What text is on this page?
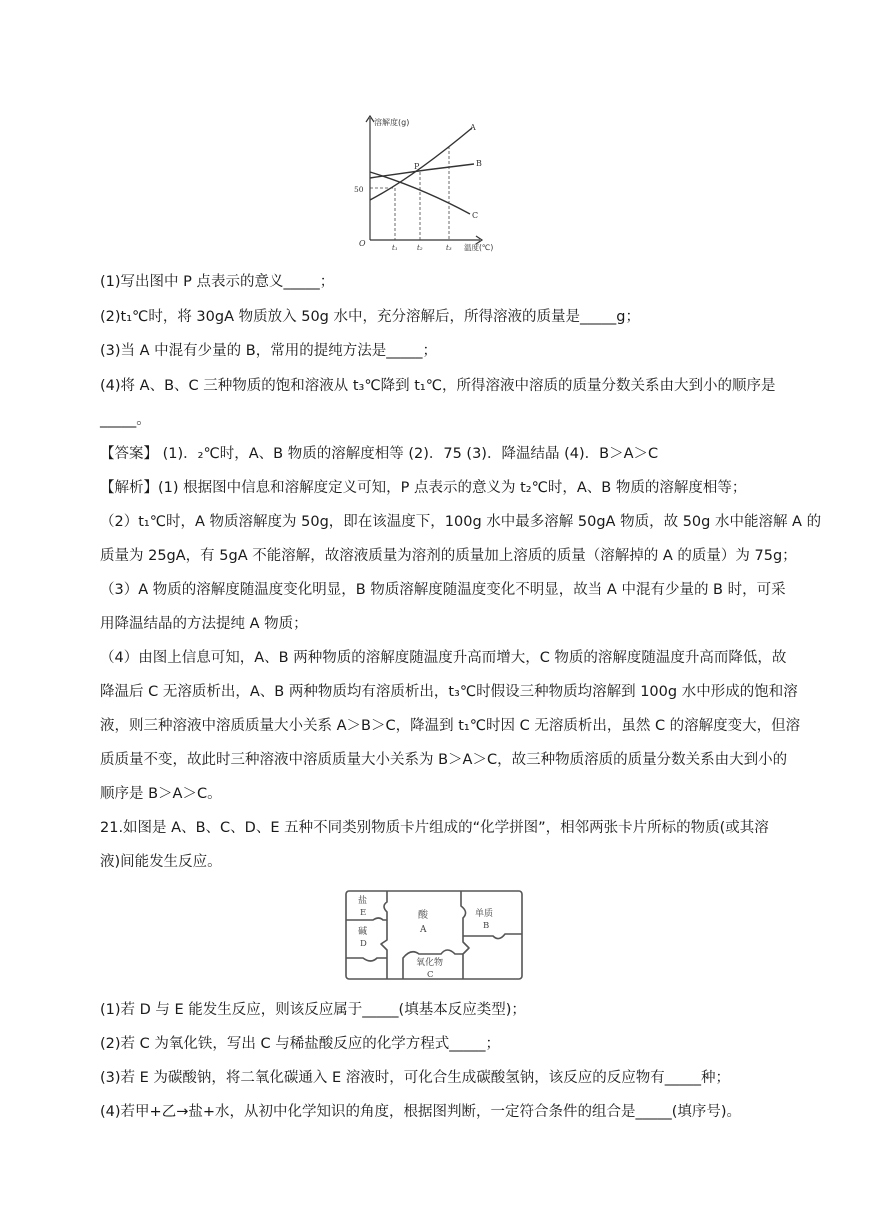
溶解度(g)
温度(℃)
O
50
A
B
C
P
t₁	t₂	t₃
(1)写出图中 P 点表示的意义_____；
(2)t₁℃时，将 30gA 物质放入 50g 水中，充分溶解后，所得溶液的质量是_____g；
(3)当 A 中混有少量的 B，常用的提纯方法是_____；
(4)将 A、B、C 三种物质的饱和溶液从 t₃℃降到 t₁℃，所得溶液中溶质的质量分数关系由大到小的顺序是
_____。
【答案】 (1)．₂℃时，A、B 物质的溶解度相等 (2)．75 (3)．降温结晶 (4)．B＞A＞C
【解析】(1) 根据图中信息和溶解度定义可知，P 点表示的意义为 t₂℃时，A、B 物质的溶解度相等；
（2）t₁℃时，A 物质溶解度为 50g，即在该温度下，100g 水中最多溶解 50gA 物质，故 50g 水中能溶解 A 的
质量为 25gA，有 5gA 不能溶解，故溶液质量为溶剂的质量加上溶质的质量（溶解掉的 A 的质量）为 75g；
（3）A 物质的溶解度随温度变化明显，B 物质溶解度随温度变化不明显，故当 A 中混有少量的 B 时，可采
用降温结晶的方法提纯 A 物质；
（4）由图上信息可知，A、B 两种物质的溶解度随温度升高而增大，C 物质的溶解度随温度升高而降低，故
降温后 C 无溶质析出，A、B 两种物质均有溶质析出，t₃℃时假设三种物质均溶解到 100g 水中形成的饱和溶
液，则三种溶液中溶质质量大小关系 A＞B＞C，降温到 t₁℃时因 C 无溶质析出，虽然 C 的溶解度变大，但溶
质质量不变，故此时三种溶液中溶质质量大小关系为 B＞A＞C，故三种物质溶质的质量分数关系由大到小的
顺序是 B＞A＞C。
21.如图是 A、B、C、D、E 五种不同类别物质卡片组成的“化学拼图”，相邻两张卡片所标的物质(或其溶
液)间能发生反应。
盐
E
碱
D
酸
A
单质
B
氧化物
C
(1)若 D 与 E 能发生反应，则该反应属于_____(填基本反应类型)；
(2)若 C 为氧化铁，写出 C 与稀盐酸反应的化学方程式_____；
(3)若 E 为碳酸钠，将二氧化碳通入 E 溶液时，可化合生成碳酸氢钠，该反应的反应物有_____种；
(4)若甲+乙→盐+水，从初中化学知识的角度，根据图判断，一定符合条件的组合是_____(填序号)。
